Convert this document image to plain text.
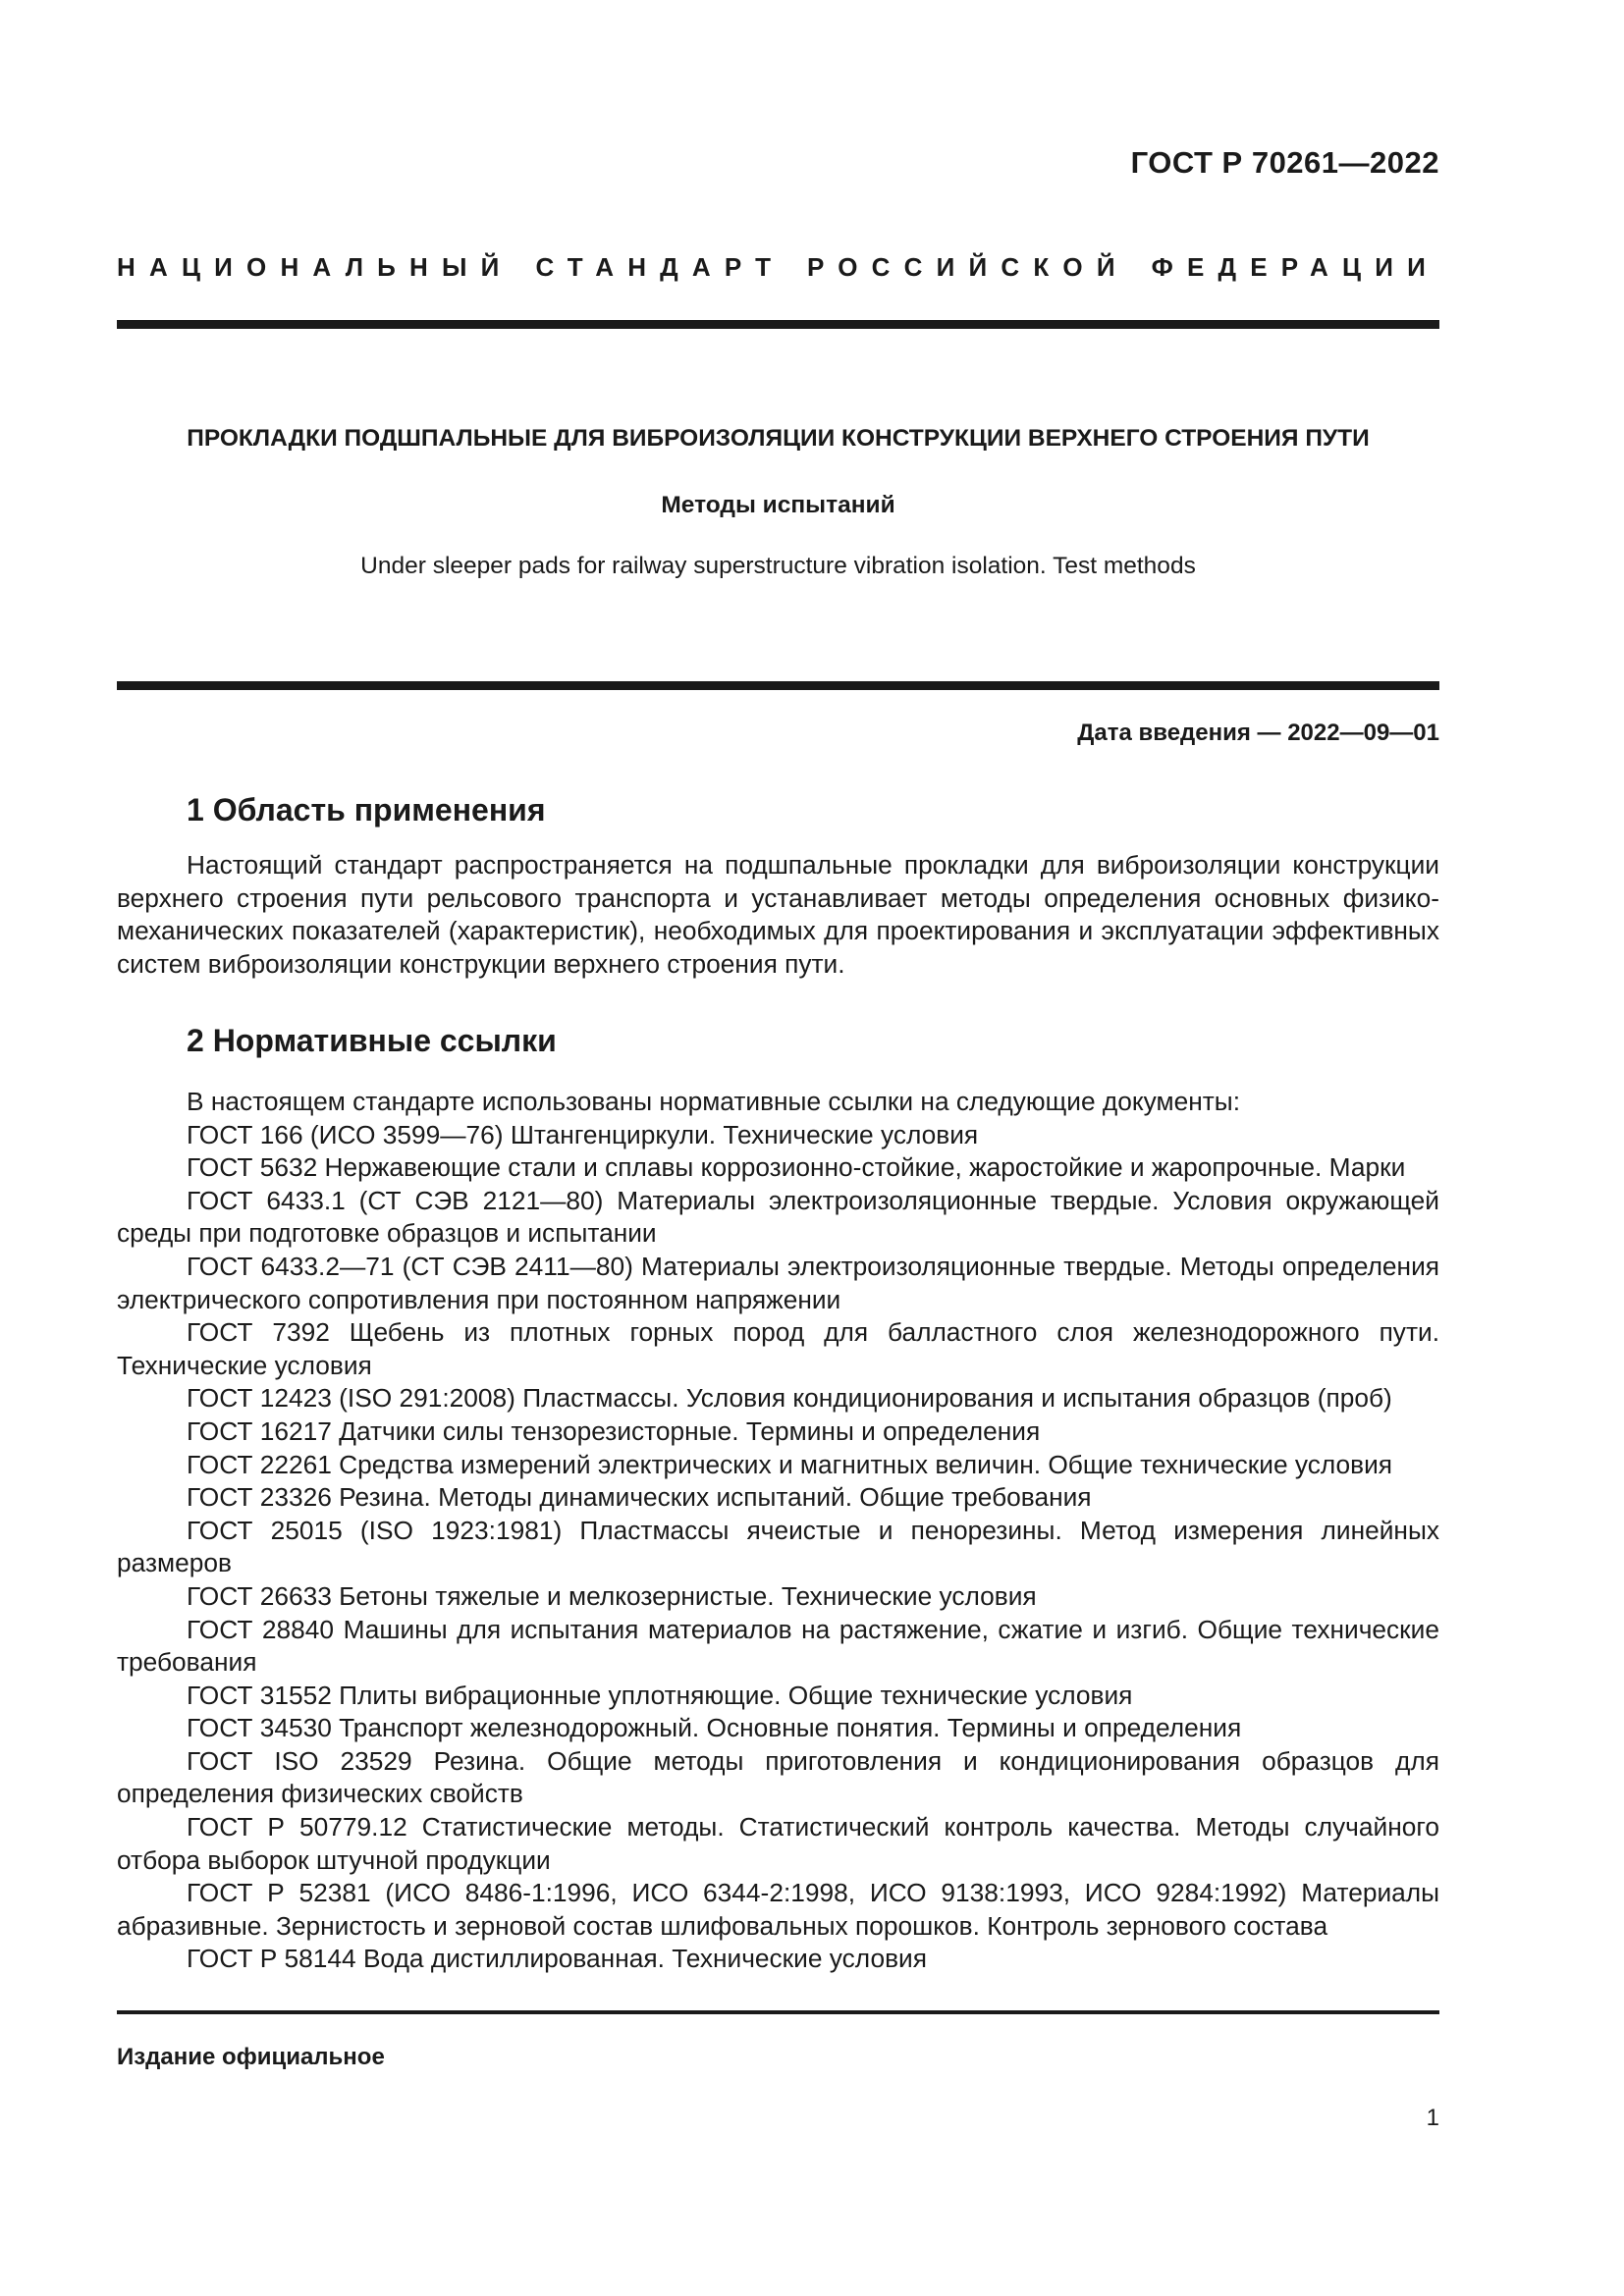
ГОСТ Р 70261—2022
НАЦИОНАЛЬНЫЙ СТАНДАРТ РОССИЙСКОЙ ФЕДЕРАЦИИ
ПРОКЛАДКИ ПОДШПАЛЬНЫЕ ДЛЯ ВИБРОИЗОЛЯЦИИ КОНСТРУКЦИИ ВЕРХНЕГО СТРОЕНИЯ ПУТИ
Методы испытаний
Under sleeper pads for railway superstructure vibration isolation. Test methods
Дата введения — 2022—09—01
1 Область применения

Настоящий стандарт распространяется на подшпальные прокладки для виброизоляции конструкции верхнего строения пути рельсового транспорта и устанавливает методы определения основных физико-механических показателей (характеристик), необходимых для проектирования и эксплуатации эффективных систем виброизоляции конструкции верхнего строения пути.

2 Нормативные ссылки

В настоящем стандарте использованы нормативные ссылки на следующие документы:

ГОСТ 166 (ИСО 3599—76) Штангенциркули. Технические условия
ГОСТ 5632 Нержавеющие стали и сплавы коррозионно-стойкие, жаростойкие и жаропрочные. Марки
ГОСТ 6433.1 (СТ СЭВ 2121—80) Материалы электроизоляционные твердые. Условия окружающей среды при подготовке образцов и испытании
ГОСТ 6433.2—71 (СТ СЭВ 2411—80) Материалы электроизоляционные твердые. Методы определения электрического сопротивления при постоянном напряжении
ГОСТ 7392 Щебень из плотных горных пород для балластного слоя железнодорожного пути. Технические условия
ГОСТ 12423 (ISO 291:2008) Пластмассы. Условия кондиционирования и испытания образцов (проб)
ГОСТ 16217 Датчики силы тензорезисторные. Термины и определения
ГОСТ 22261 Средства измерений электрических и магнитных величин. Общие технические условия
ГОСТ 23326 Резина. Методы динамических испытаний. Общие требования
ГОСТ 25015 (ISO 1923:1981) Пластмассы ячеистые и пенорезины. Метод измерения линейных размеров
ГОСТ 26633 Бетоны тяжелые и мелкозернистые. Технические условия
ГОСТ 28840 Машины для испытания материалов на растяжение, сжатие и изгиб. Общие технические требования
ГОСТ 31552 Плиты вибрационные уплотняющие. Общие технические условия
ГОСТ 34530 Транспорт железнодорожный. Основные понятия. Термины и определения
ГОСТ ISO 23529 Резина. Общие методы приготовления и кондиционирования образцов для определения физических свойств
ГОСТ Р 50779.12 Статистические методы. Статистический контроль качества. Методы случайного отбора выборок штучной продукции
ГОСТ Р 52381 (ИСО 8486-1:1996, ИСО 6344-2:1998, ИСО 9138:1993, ИСО 9284:1992) Материалы абразивные. Зернистость и зерновой состав шлифовальных порошков. Контроль зернового состава
ГОСТ Р 58144 Вода дистиллированная. Технические условия
Издание официальное
1
